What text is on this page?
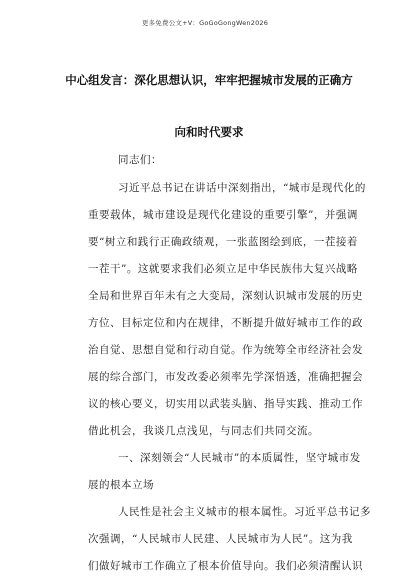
更多免费公文+V：GoGoGongWen2026
中心组发言：深化思想认识，牢牢把握城市发展的正确方
向和时代要求
同志们：
习近平总书记在讲话中深刻指出，“城市是现代化的
重要载体，城市建设是现代化建设的重要引擎”，并强调
要“树立和践行正确政绩观，一张蓝图绘到底，一茬接着
一茬干”。这就要求我们必须立足中华民族伟大复兴战略
全局和世界百年未有之大变局，深刻认识城市发展的历史
方位、目标定位和内在规律，不断提升做好城市工作的政
治自觉、思想自觉和行动自觉。作为统筹全市经济社会发
展的综合部门，市发改委必须率先学深悟透，准确把握会
议的核心要义，切实用以武装头脑、指导实践、推动工作
借此机会，我谈几点浅见，与同志们共同交流。
一、深刻领会“人民城市”的本质属性，坚守城市发
展的根本立场
人民性是社会主义城市的根本属性。习近平总书记多
次强调，“人民城市人民建、人民城市为人民”。这为我
们做好城市工作确立了根本价值导向。我们必须清醒认识
